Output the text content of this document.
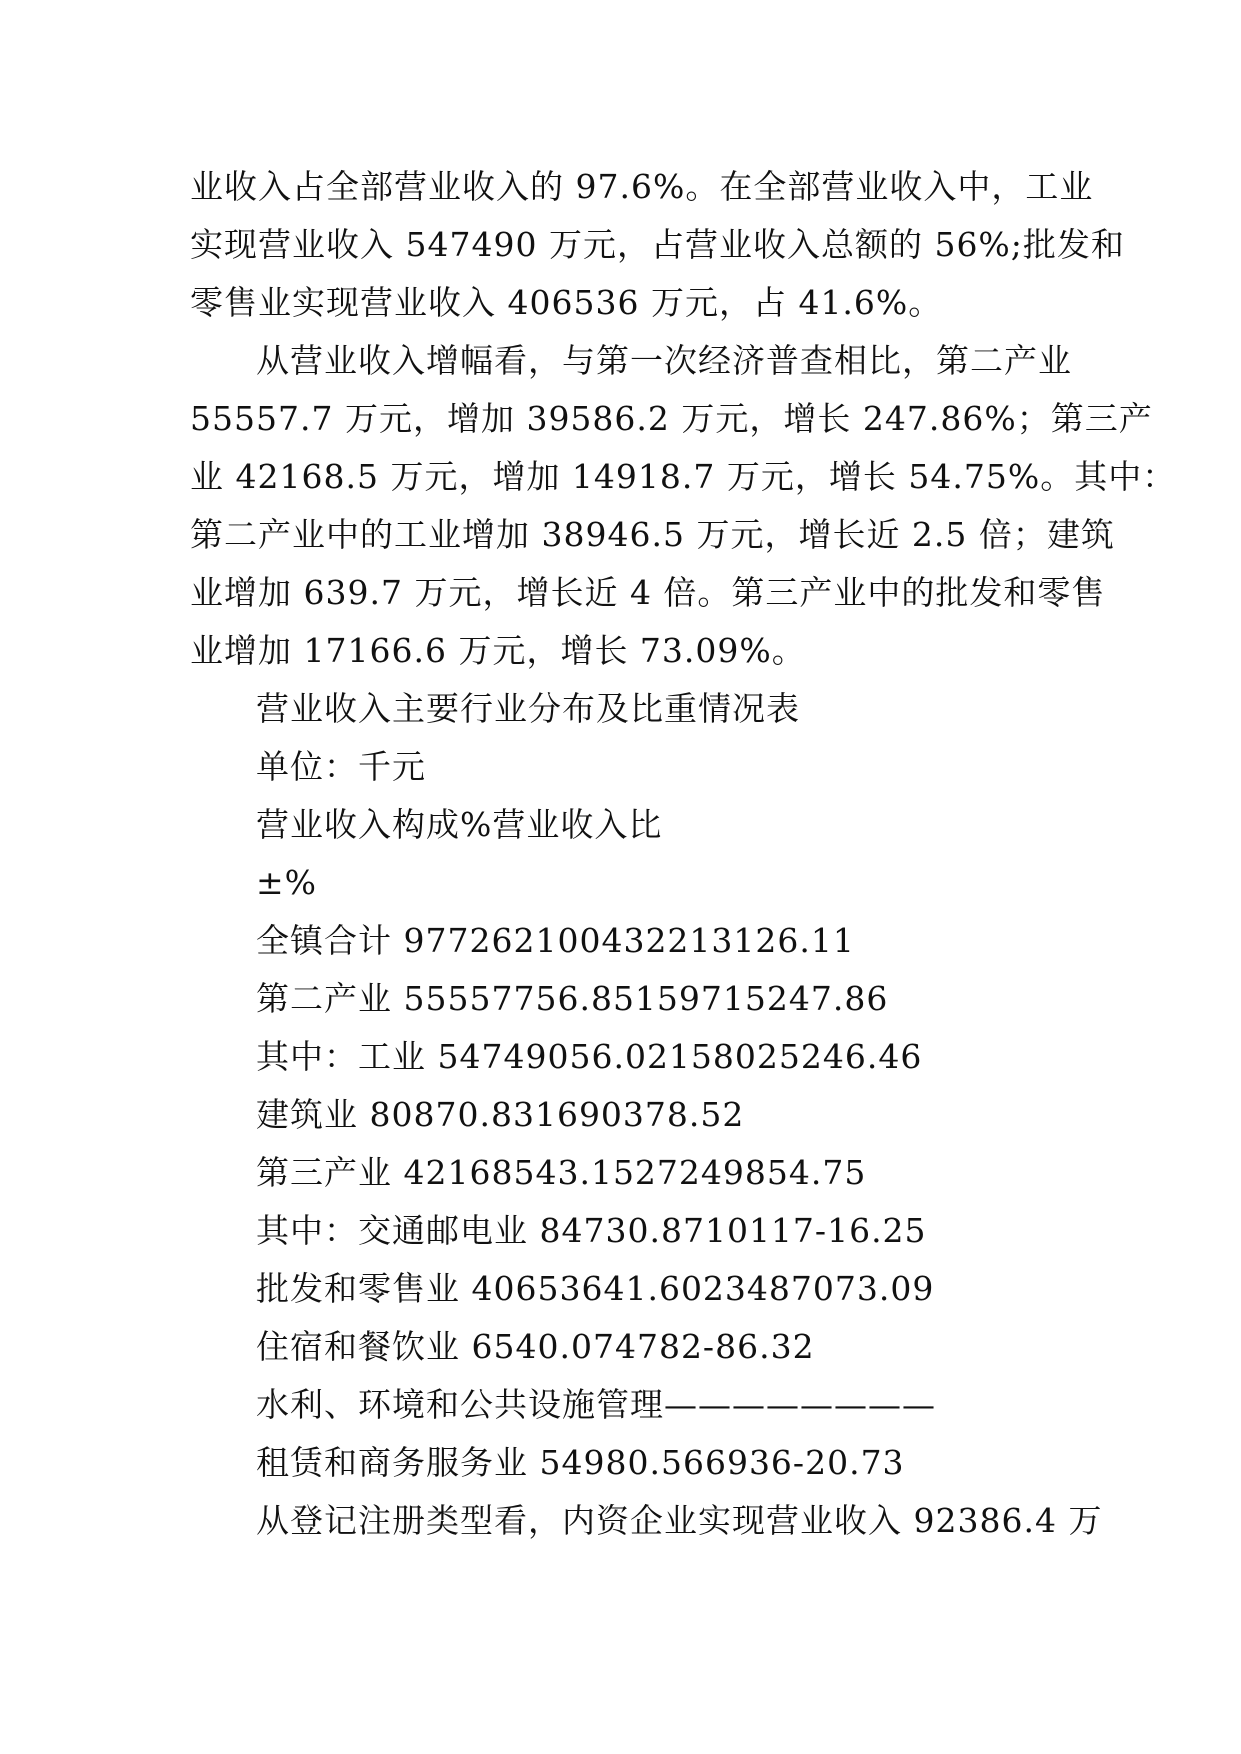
业收入占全部营业收入的 97.6%。在全部营业收入中，工业
实现营业收入 547490 万元，占营业收入总额的 56%;批发和
零售业实现营业收入 406536 万元，占 41.6%。
从营业收入增幅看，与第一次经济普查相比，第二产业
55557.7 万元，增加 39586.2 万元，增长 247.86%；第三产
业 42168.5 万元，增加 14918.7 万元，增长 54.75%。其中：
第二产业中的工业增加 38946.5 万元，增长近 2.5 倍；建筑
业增加 639.7 万元，增长近 4 倍。第三产业中的批发和零售
业增加 17166.6 万元，增长 73.09%。
营业收入主要行业分布及比重情况表
单位：千元
营业收入构成%营业收入比
±%
全镇合计 977262100432213126.11
第二产业 55557756.85159715247.86
其中：工业 54749056.02158025246.46
建筑业 80870.831690378.52
第三产业 42168543.1527249854.75
其中：交通邮电业 84730.8710117-16.25
批发和零售业 40653641.6023487073.09
住宿和餐饮业 6540.074782-86.32
水利、环境和公共设施管理————————
租赁和商务服务业 54980.566936-20.73
从登记注册类型看，内资企业实现营业收入 92386.4 万
